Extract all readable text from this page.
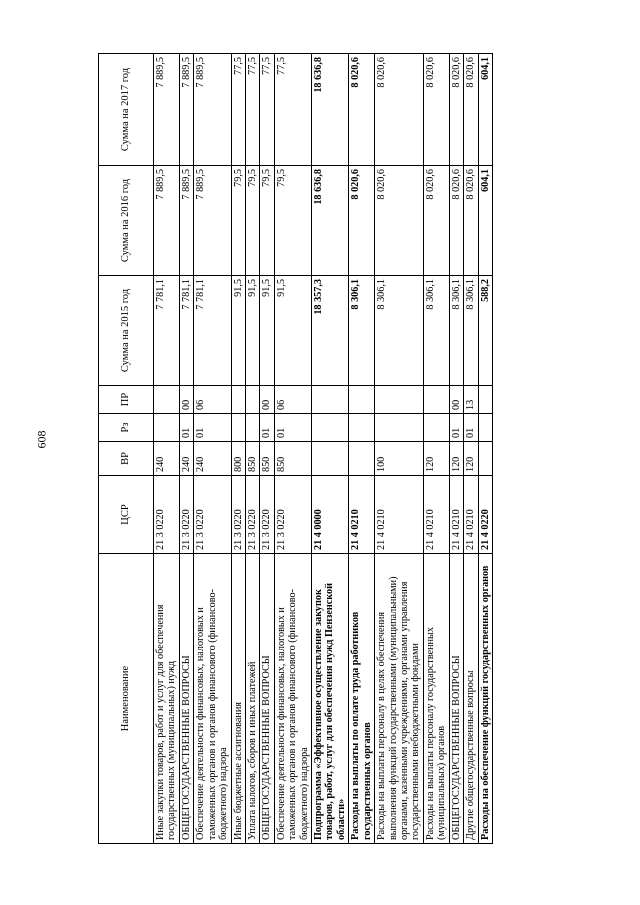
608
Наименование	ЦСР	ВР	Рз	ПР	Сумма на 2015 год	Сумма на 2016 год	Сумма на 2017 год
Иные закупки товаров, работ и услуг для обеспечения государственных (муниципальных) нужд	21 3 0220	240			7 781,1	7 889,5	7 889,5
ОБЩЕГОСУДАРСТВЕННЫЕ ВОПРОСЫ	21 3 0220	240	01	00	7 781,1	7 889,5	7 889,5
Обеспечение деятельности финансовых, налоговых и таможенных органов и органов финансового (финансово-бюджетного) надзора	21 3 0220	240	01	06	7 781,1	7 889,5	7 889,5
Иные бюджетные ассигнования	21 3 0220	800			91,5	79,5	77,5
Уплата налогов, сборов и иных платежей	21 3 0220	850			91,5	79,5	77,5
ОБЩЕГОСУДАРСТВЕННЫЕ ВОПРОСЫ	21 3 0220	850	01	00	91,5	79,5	77,5
Обеспечение деятельности финансовых, налоговых и таможенных органов и органов финансового (финансово-бюджетного) надзора	21 3 0220	850	01	06	91,5	79,5	77,5
Подпрограмма «Эффективное осуществление закупок товаров, работ, услуг для обеспечения нужд Пензенской области»	21 4 0000				18 357,3	18 636,8	18 636,8
Расходы на выплаты по оплате труда работников государственных органов	21 4 0210				8 306,1	8 020,6	8 020,6
Расходы на выплаты персоналу в целях обеспечения выполнения функций государственными (муниципальными) органами, казенными учреждениями, органами управления государственными внебюджетными фондами	21 4 0210	100			8 306,1	8 020,6	8 020,6
Расходы на выплаты персоналу государственных (муниципальных) органов	21 4 0210	120			8 306,1	8 020,6	8 020,6
ОБЩЕГОСУДАРСТВЕННЫЕ ВОПРОСЫ	21 4 0210	120	01	00	8 306,1	8 020,6	8 020,6
Другие общегосударственные вопросы	21 4 0210	120	01	13	8 306,1	8 020,6	8 020,6
Расходы на обеспечение функций государственных органов	21 4 0220				588,2	604,1	604,1
